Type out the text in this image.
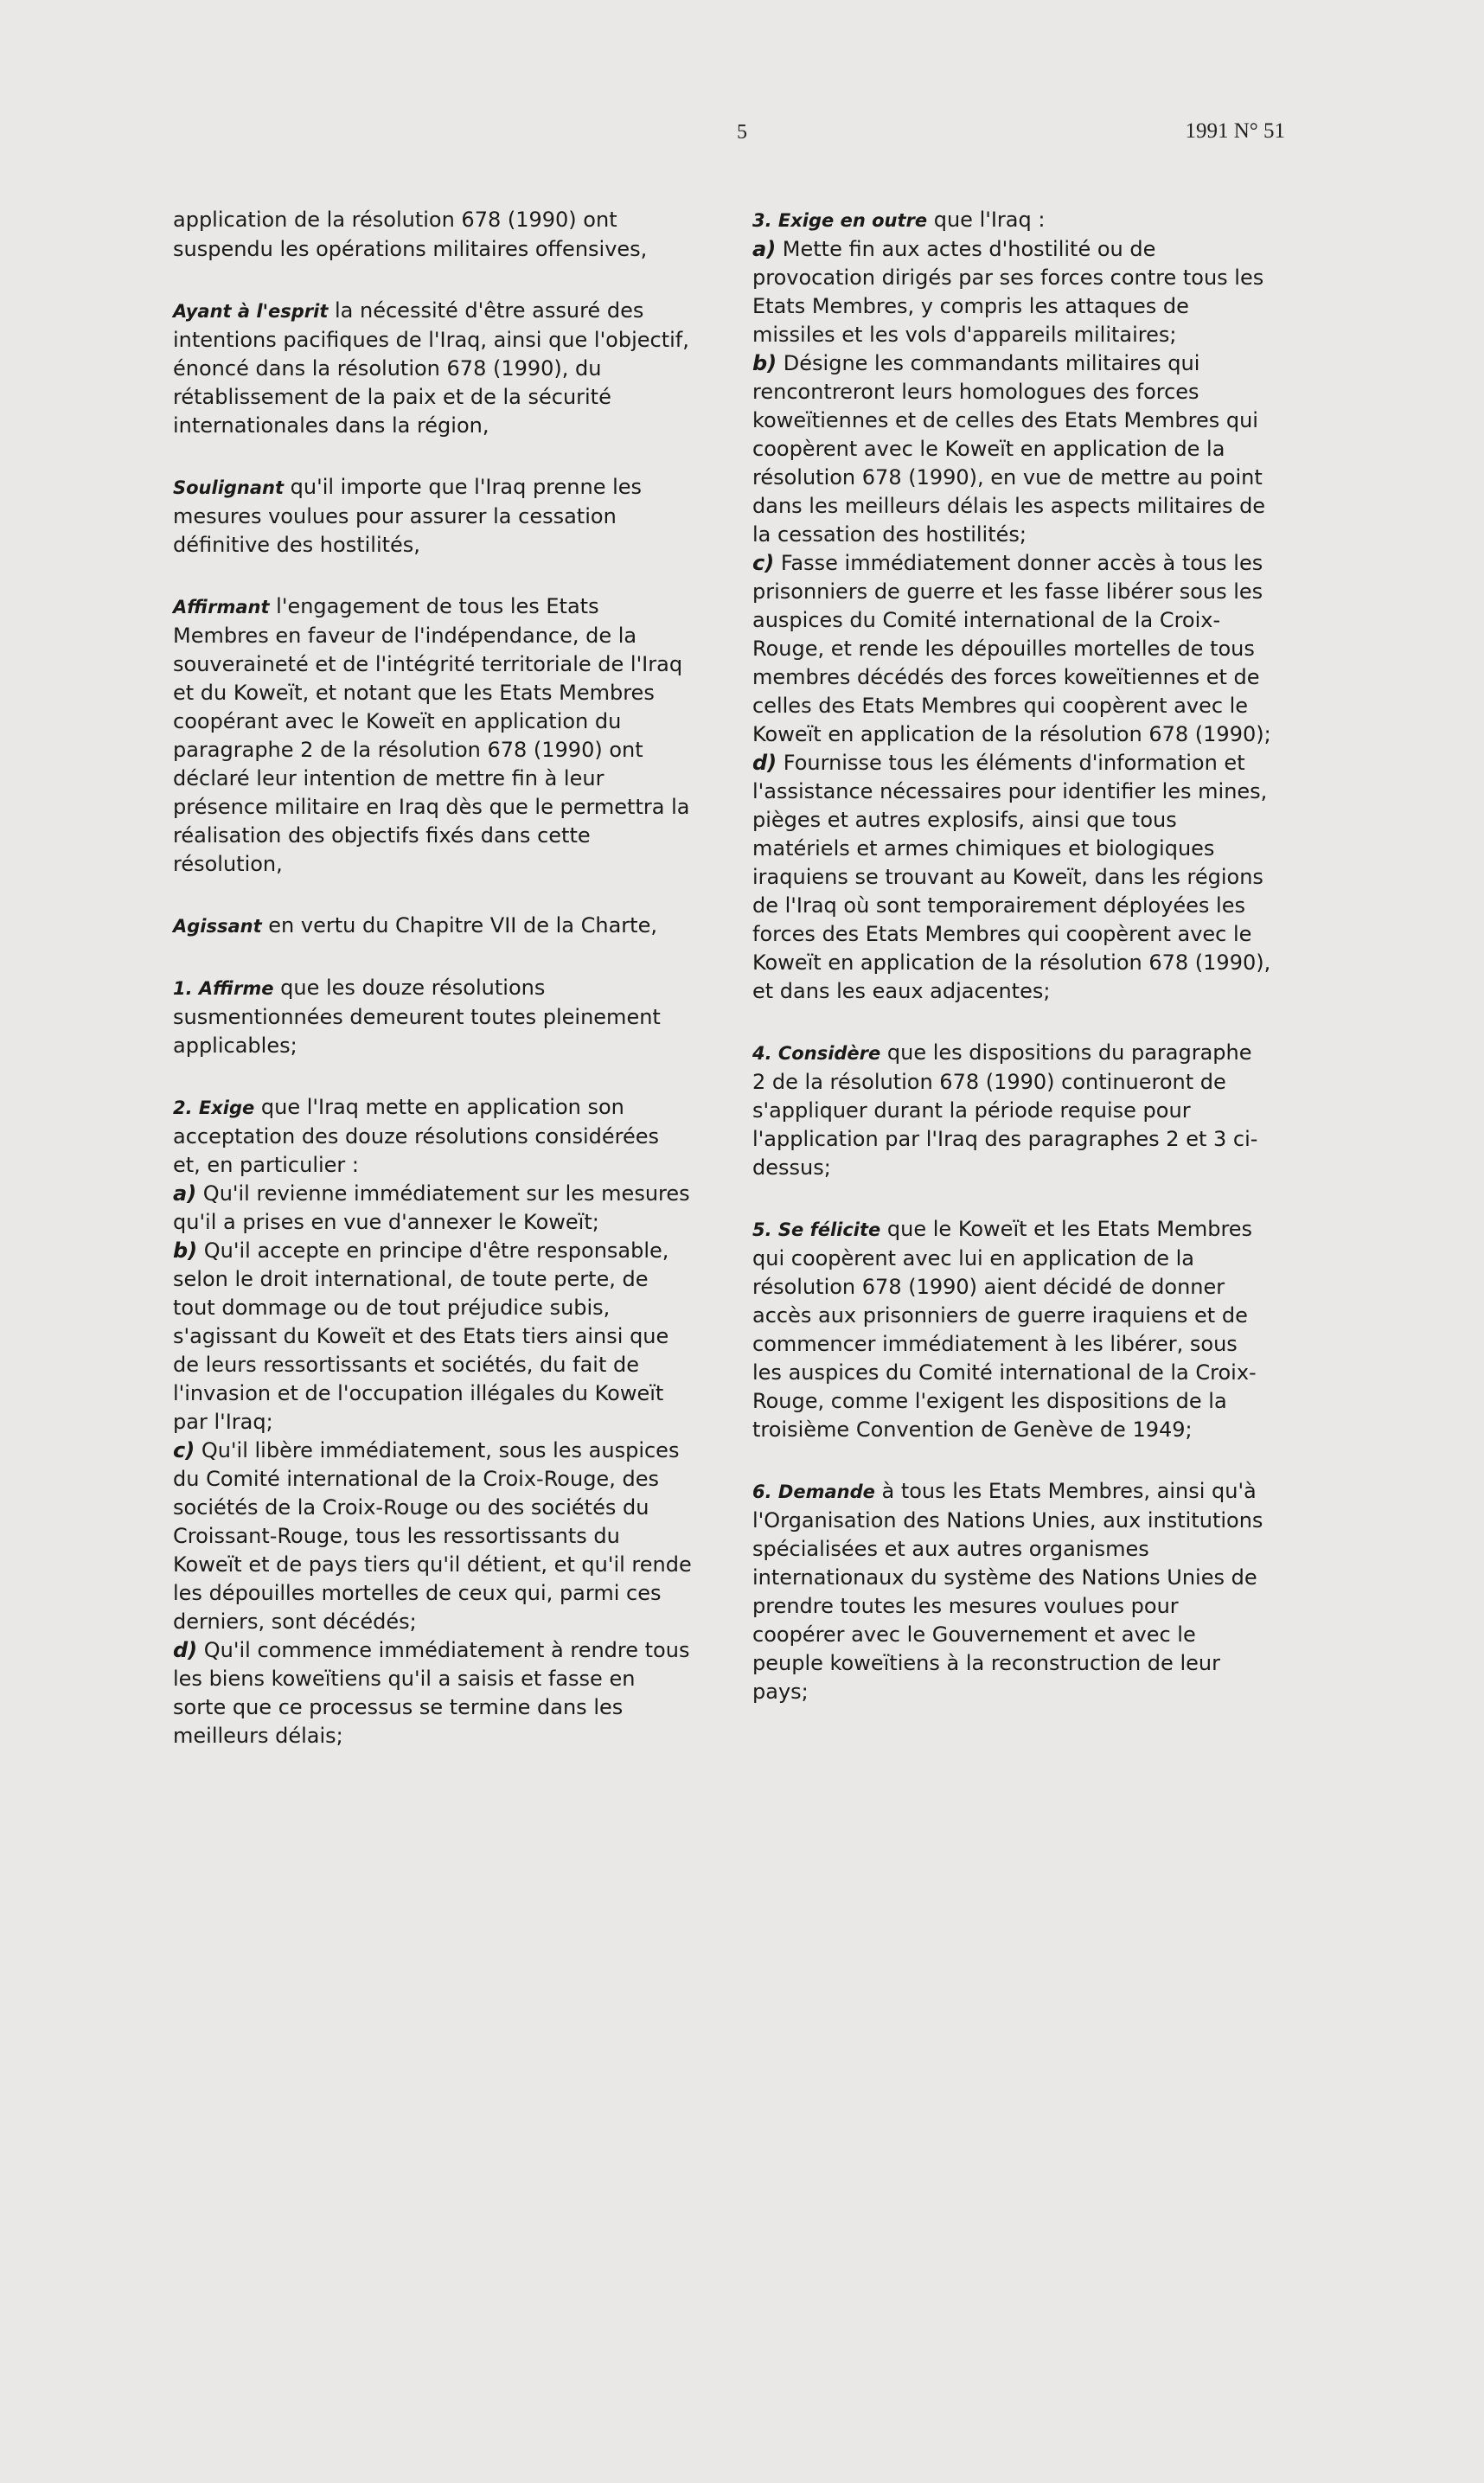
5	1991 N° 51

application de la résolution 678 (1990) ont suspendu les opérations militaires offensives,

Ayant à l'esprit la nécessité d'être assuré des intentions pacifiques de l'Iraq, ainsi que l'objectif, énoncé dans la résolution 678 (1990), du rétablissement de la paix et de la sécurité internationales dans la région,

Soulignant qu'il importe que l'Iraq prenne les mesures voulues pour assurer la cessation définitive des hostilités,

Affirmant l'engagement de tous les Etats Membres en faveur de l'indépendance, de la souveraineté et de l'intégrité territoriale de l'Iraq et du Koweït, et notant que les Etats Membres coopérant avec le Koweït en application du paragraphe 2 de la résolution 678 (1990) ont déclaré leur intention de mettre fin à leur présence militaire en Iraq dès que le permettra la réalisation des objectifs fixés dans cette résolution,

Agissant en vertu du Chapitre VII de la Charte,

1. Affirme que les douze résolutions susmentionnées demeurent toutes pleinement applicables;

2. Exige que l'Iraq mette en application son acceptation des douze résolutions considérées et, en particulier :

a) Qu'il revienne immédiatement sur les mesures qu'il a prises en vue d'annexer le Koweït;

b) Qu'il accepte en principe d'être responsable, selon le droit international, de toute perte, de tout dommage ou de tout préjudice subis, s'agissant du Koweït et des Etats tiers ainsi que de leurs ressortissants et sociétés, du fait de l'invasion et de l'occupation illégales du Koweït par l'Iraq;

c) Qu'il libère immédiatement, sous les auspices du Comité international de la Croix-Rouge, des sociétés de la Croix-Rouge ou des sociétés du Croissant-Rouge, tous les ressortissants du Koweït et de pays tiers qu'il détient, et qu'il rende les dépouilles mortelles de ceux qui, parmi ces derniers, sont décédés;

d) Qu'il commence immédiatement à rendre tous les biens koweïtiens qu'il a saisis et fasse en sorte que ce processus se termine dans les meilleurs délais;

3. Exige en outre que l'Iraq :

a) Mette fin aux actes d'hostilité ou de provocation dirigés par ses forces contre tous les Etats Membres, y compris les attaques de missiles et les vols d'appareils militaires;

b) Désigne les commandants militaires qui rencontreront leurs homologues des forces koweïtiennes et de celles des Etats Membres qui coopèrent avec le Koweït en application de la résolution 678 (1990), en vue de mettre au point dans les meilleurs délais les aspects militaires de la cessation des hostilités;

c) Fasse immédiatement donner accès à tous les prisonniers de guerre et les fasse libérer sous les auspices du Comité international de la Croix-Rouge, et rende les dépouilles mortelles de tous membres décédés des forces koweïtiennes et de celles des Etats Membres qui coopèrent avec le Koweït en application de la résolution 678 (1990);

d) Fournisse tous les éléments d'information et l'assistance nécessaires pour identifier les mines, pièges et autres explosifs, ainsi que tous matériels et armes chimiques et biologiques iraquiens se trouvant au Koweït, dans les régions de l'Iraq où sont temporairement déployées les forces des Etats Membres qui coopèrent avec le Koweït en application de la résolution 678 (1990), et dans les eaux adjacentes;

4. Considère que les dispositions du paragraphe 2 de la résolution 678 (1990) continueront de s'appliquer durant la période requise pour l'application par l'Iraq des paragraphes 2 et 3 ci-dessus;

5. Se félicite que le Koweït et les Etats Membres qui coopèrent avec lui en application de la résolution 678 (1990) aient décidé de donner accès aux prisonniers de guerre iraquiens et de commencer immédiatement à les libérer, sous les auspices du Comité international de la Croix-Rouge, comme l'exigent les dispositions de la troisième Convention de Genève de 1949;

6. Demande à tous les Etats Membres, ainsi qu'à l'Organisation des Nations Unies, aux institutions spécialisées et aux autres organismes internationaux du système des Nations Unies de prendre toutes les mesures voulues pour coopérer avec le Gouvernement et avec le peuple koweïtiens à la reconstruction de leur pays;
